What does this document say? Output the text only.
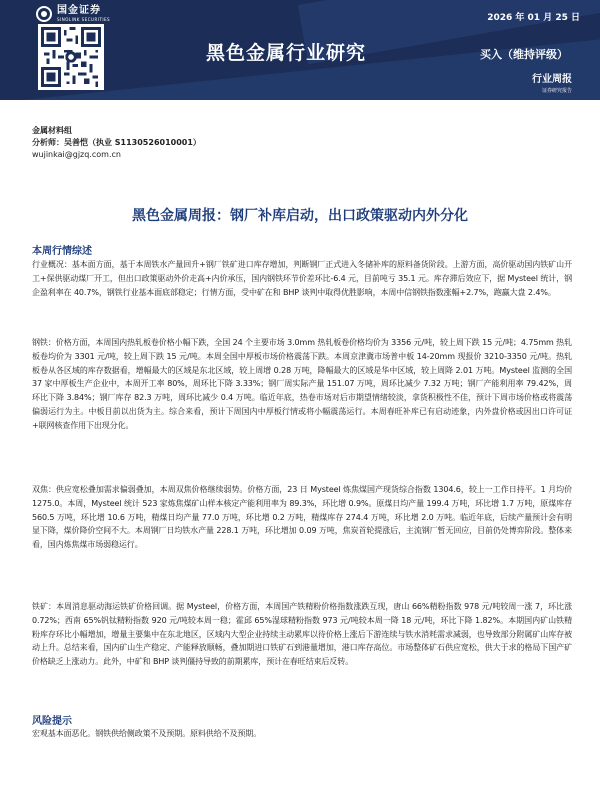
国金证券
SINOLINK SECURITIES	2026 年 01 月 25 日
黑色金属行业研究	买入（维持评级）
行业周报
证券研究报告
金属材料组
分析师：吴善恺（执业 S1130526010001）
wujinkai@gjzq.com.cn
黑色金属周报：钢厂补库启动，出口政策驱动内外分化
本周行情综述
行业概况：基本面方面，基于本周铁水产量回升+钢厂铁矿进口库存增加，判断钢厂正式进入冬储补库的原料备货阶段。上游方面，高价驱动国内铁矿山开工+保供驱动煤厂开工，但出口政策驱动外价走高+内价承压，国内钢铁环节价差环比-6.4 元，目前吨亏 35.1 元。库存滞后效应下，据 Mysteel 统计，钢企盈利率在 40.7%，钢铁行业基本面底部稳定；行情方面，受中矿在和 BHP 谈判中取得优胜影响，本周中信钢铁指数涨幅+2.7%，跑赢大盘 2.4%。
钢铁：价格方面，本周国内热轧板卷价格小幅下跌，全国 24 个主要市场 3.0mm 热轧板卷价格均价为 3356 元/吨，较上周下跌 15 元/吨；4.75mm 热轧板卷均价为 3301 元/吨，较上周下跌 15 元/吨。本周全国中厚板市场价格震荡下跌。本周京津冀市场普中板 14-20mm 现报价 3210-3350 元/吨。热轧板卷从各区域的库存数据看，增幅最大的区域是东北区域，较上周增 0.28 万吨，降幅最大的区域是华中区域，较上周降 2.01 万吨。Mysteel 监测的全国 37 家中厚板生产企业中，本周开工率 80%，周环比下降 3.33%；钢厂周实际产量 151.07 万吨，周环比减少 7.32 万吨；钢厂产能利用率 79.42%，周环比下降 3.84%；钢厂库存 82.3 万吨，周环比减少 0.4 万吨。临近年底，热卷市场对后市期望情绪较淡，拿货积极性不佳，预计下周市场价格或将震荡偏弱运行为主。中板目前以出货为主。综合来看，预计下周国内中厚板行情或将小幅震荡运行。本周春旺补库已有启动迹象，内外盘价格或因出口许可证+联网核查作用下出现分化。
双焦：供应宽松叠加需求偏弱叠加，本周双焦价格继续弱势。价格方面，23 日 Mysteel 炼焦煤国产现货综合指数 1304.6，较上一工作日持平。1 月均价 1275.0。本周，Mysteel 统计 523 家炼焦煤矿山样本核定产能利用率为 89.3%，环比增 0.9%。原煤日均产量 199.4 万吨，环比增 1.7 万吨，原煤库存 560.5 万吨，环比增 10.6 万吨，精煤日均产量 77.0 万吨，环比增 0.2 万吨，精煤库存 274.4 万吨，环比增 2.0 万吨。临近年底，后续产量预计会有明显下降，煤价降价空间不大。本周钢厂日均铁水产量 228.1 万吨，环比增加 0.09 万吨，焦炭首轮提涨后，主流钢厂暂无回应，目前仍处博弈阶段。整体来看，国内炼焦煤市场弱稳运行。
铁矿：本周消息驱动海运铁矿价格回调。据 Mysteel，价格方面，本周国产铁精粉价格指数涨跌互现，唐山 66%精粉指数 978 元/吨较周一涨 7，环比涨 0.72%；西南 65%钒钛精粉指数 920 元/吨较本周一稳；霍邱 65%湿球精粉指数 973 元/吨较本周一降 18 元/吨，环比下降 1.82%。本期国内矿山铁精粉库存环比小幅增加，增量主要集中在东北地区，区域内大型企业持续主动累库以待价格上涨后下游连续与铁水消耗需求减弱，也导致部分附属矿山库存被动上升。总结来看，国内矿山生产稳定、产能释放顺畅，叠加期进口铁矿石到港量增加，港口库存高位。市场整体矿石供应宽松，供大于求的格局下国产矿价格缺乏上涨动力。此外，中矿和 BHP 谈判僵持导致的前期累库，预计在春旺结束后反转。
风险提示
宏观基本面恶化。钢铁供给侧政策不及预期。原料供给不及预期。
